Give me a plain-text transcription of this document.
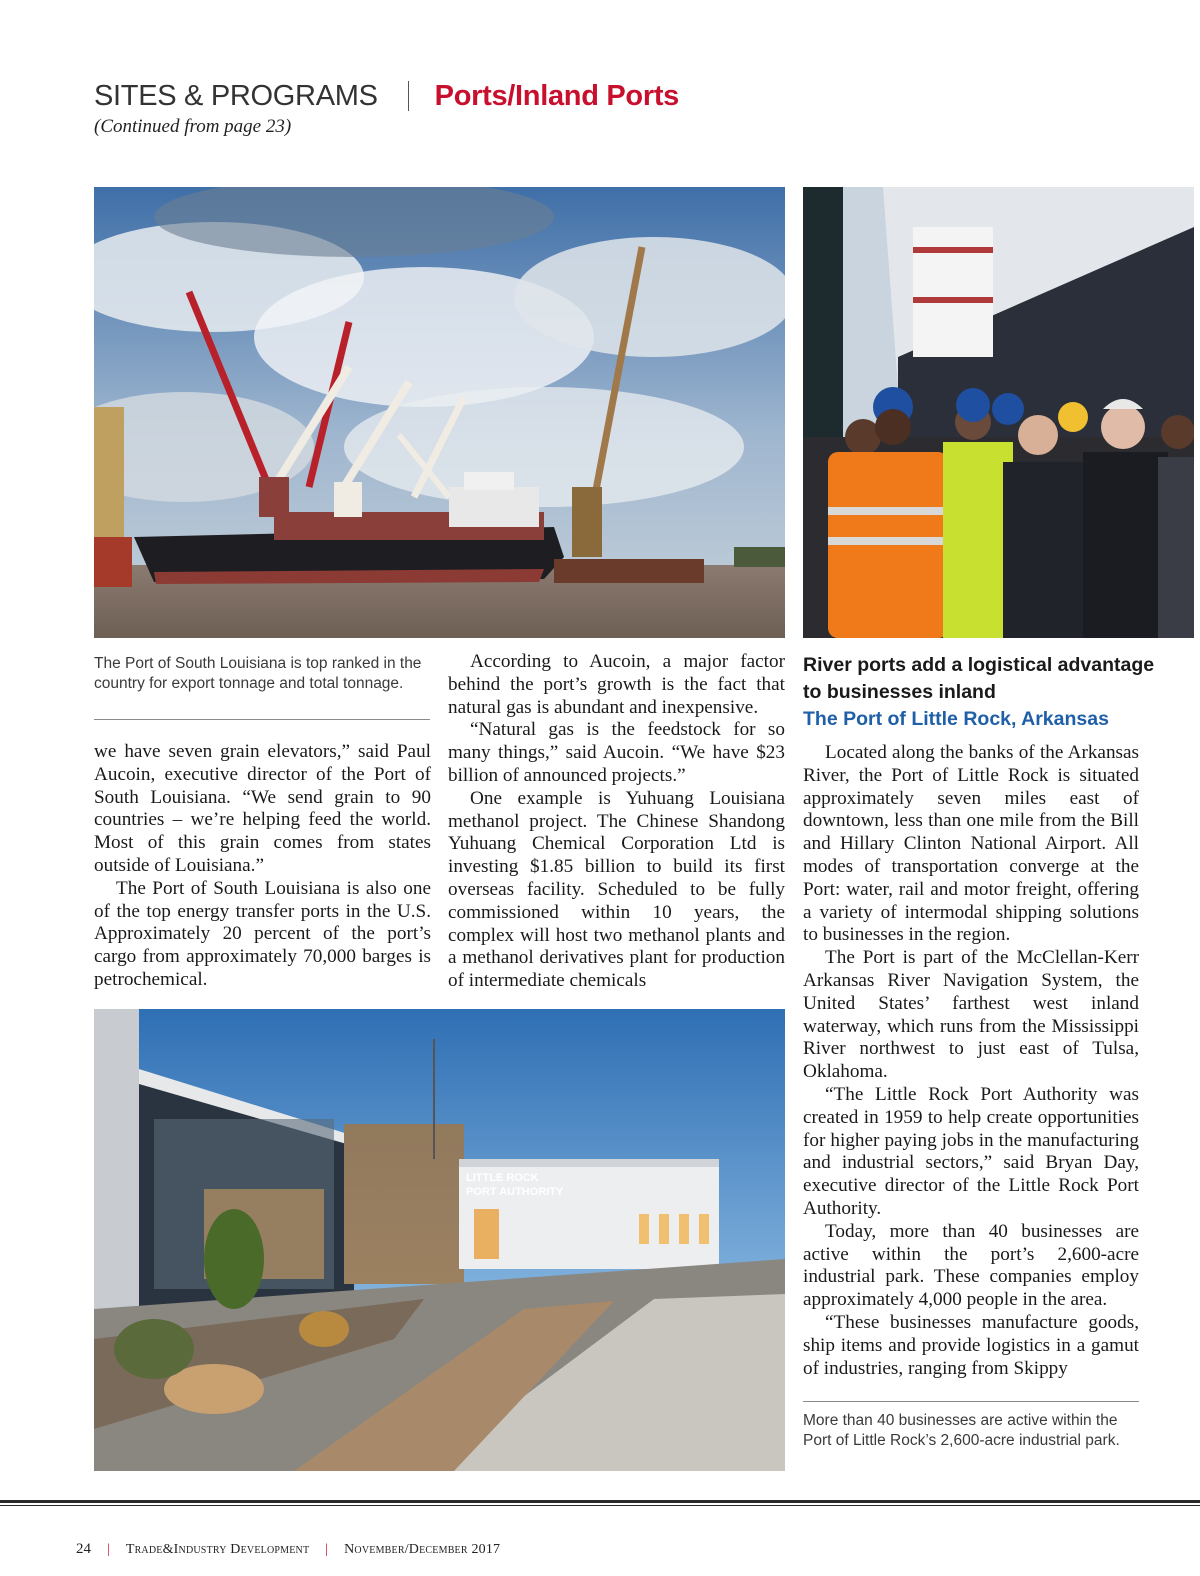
SITES & PROGRAMS Ports/Inland Ports
(Continued from page 23)
The Port of South Louisiana is top ranked in the country for export tonnage and total tonnage.

we have seven grain elevators,” said Paul Aucoin, executive director of the Port of South Louisiana. “We send grain to 90 countries – we’re helping feed the world. Most of this grain comes from states outside of Louisiana.”

The Port of South Louisiana is also one of the top energy transfer ports in the U.S. Approximately 20 percent of the port’s cargo from approximately 70,000 barges is petrochemical.

According to Aucoin, a major factor behind the port’s growth is the fact that natural gas is abundant and inexpensive.

“Natural gas is the feedstock for so many things,” said Aucoin. “We have $23 billion of announced projects.”

One example is Yuhuang Louisiana methanol project. The Chinese Shandong Yuhuang Chemical Corporation Ltd is investing $1.85 billion to build its first overseas facility. Scheduled to be fully commissioned within 10 years, the complex will host two methanol plants and a methanol derivatives plant for production of intermediate chemicals

River ports add a logistical advantage to businesses inland
The Port of Little Rock, Arkansas

Located along the banks of the Arkansas River, the Port of Little Rock is situated approximately seven miles east of downtown, less than one mile from the Bill and Hillary Clinton National Airport. All modes of transportation converge at the Port: water, rail and motor freight, offering a variety of intermodal shipping solutions to businesses in the region.

The Port is part of the McClellan-Kerr Arkansas River Navigation System, the United States’ farthest west inland waterway, which runs from the Mississippi River northwest to just east of Tulsa, Oklahoma.

“The Little Rock Port Authority was created in 1959 to help create opportunities for higher paying jobs in the manufacturing and industrial sectors,” said Bryan Day, executive director of the Little Rock Port Authority.

Today, more than 40 businesses are active within the port’s 2,600-acre industrial park. These companies employ approximately 4,000 people in the area.

“These businesses manufacture goods, ship items and provide logistics in a gamut of industries, ranging from Skippy

LITTLE ROCK
PORT AUTHORITY
More than 40 businesses are active within the Port of Little Rock’s 2,600-acre industrial park.
24 | Trade&Industry Development | November/December 2017
